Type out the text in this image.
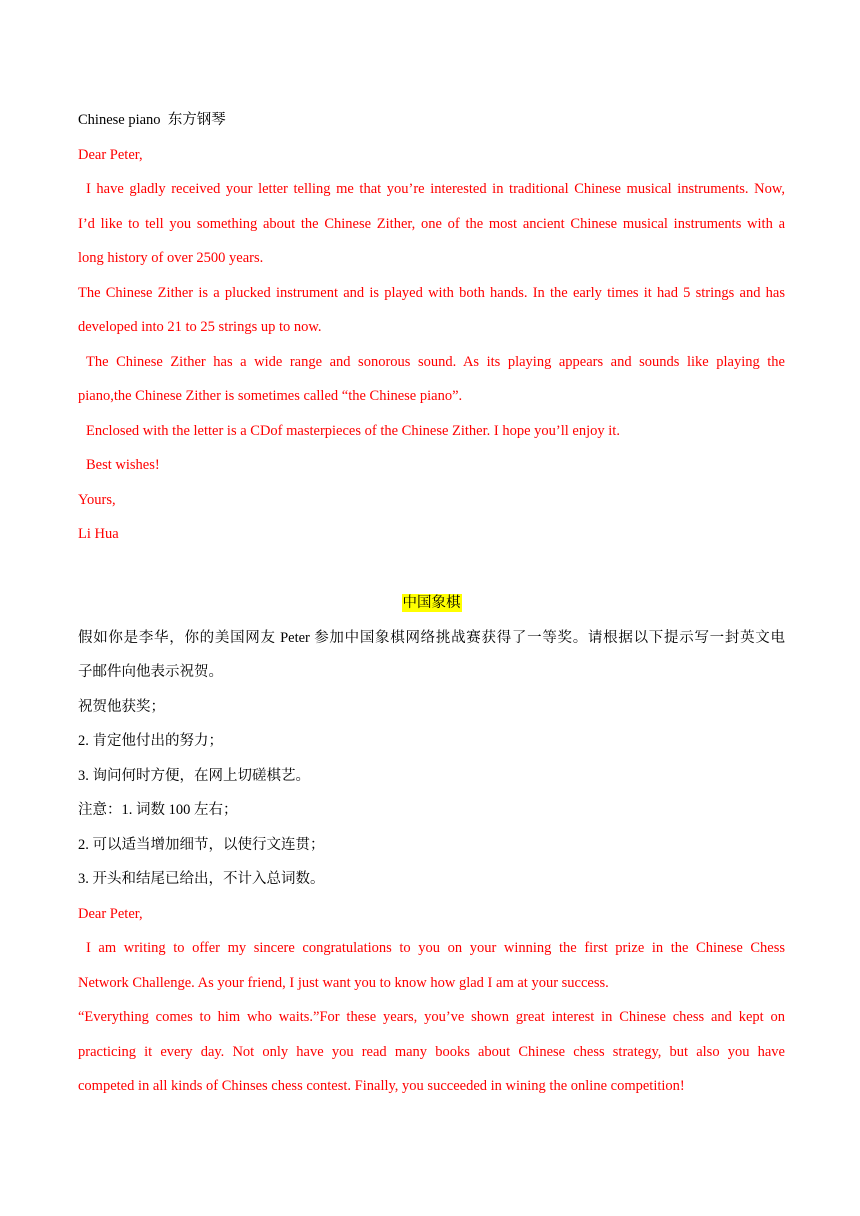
Chinese piano 东方钢琴
Dear Peter,
I have gladly received your letter telling me that you’re interested in traditional Chinese musical instruments. Now,
I’d like to tell you something about the Chinese Zither, one of the most ancient Chinese musical instruments with a
long history of over 2500 years.
The Chinese Zither is a plucked instrument and is played with both hands. In the early times it had 5 strings and has
developed into 21 to 25 strings up to now.
The Chinese Zither has a wide range and sonorous sound. As its playing appears and sounds like playing the
piano,the Chinese Zither is sometimes called “the Chinese piano”.
Enclosed with the letter is a CDof masterpieces of the Chinese Zither. I hope you’ll enjoy it.
Best wishes!
Yours,
Li Hua
中国象棋
假如你是李华，你的美国网友 Peter 参加中国象棋网络挑战赛获得了一等奖。请根据以下提示写一封英文电
子邮件向他表示祝贺。
祝贺他获奖；
2. 肯定他付出的努力；
3. 询问何时方便，在网上切磋棋艺。
注意：1. 词数 100 左右；
2. 可以适当增加细节，以使行文连贯；
3. 开头和结尾已给出，不计入总词数。
Dear Peter,
I am writing to offer my sincere congratulations to you on your winning the first prize in the Chinese Chess
Network Challenge. As your friend, I just want you to know how glad I am at your success.
“Everything comes to him who waits.”For these years, you’ve shown great interest in Chinese chess and kept on
practicing it every day. Not only have you read many books about Chinese chess strategy, but also you have
competed in all kinds of Chinses chess contest. Finally, you succeeded in wining the online competition!
